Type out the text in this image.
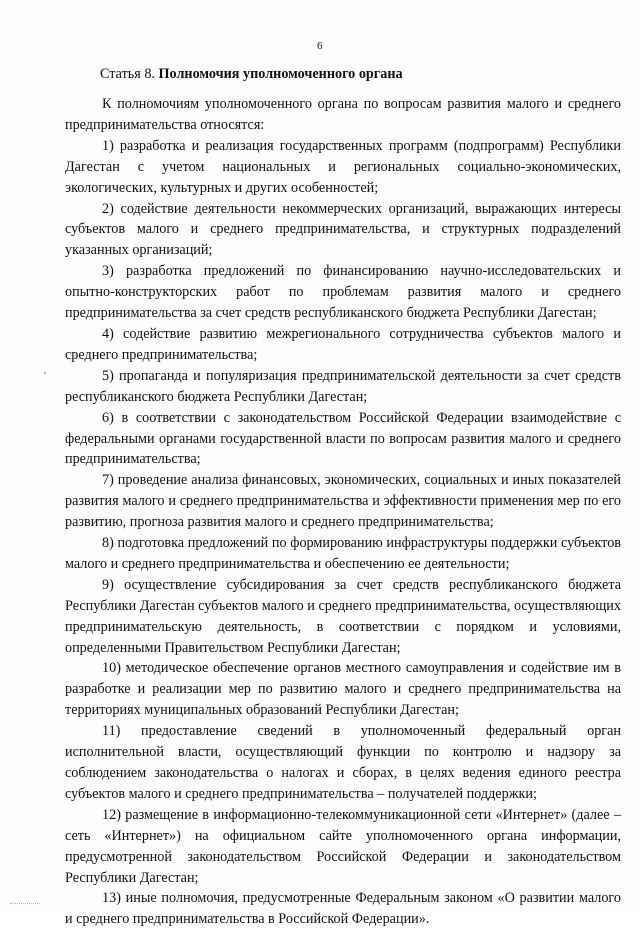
6
Статья 8. Полномочия уполномоченного органа

К полномочиям уполномоченного органа по вопросам развития малого и среднего предпринимательства относятся:

1) разработка и реализация государственных программ (подпрограмм) Республики Дагестан с учетом национальных и региональных социально-экономических, экологических, культурных и других особенностей;

2) содействие деятельности некоммерческих организаций, выражающих интересы субъектов малого и среднего предпринимательства, и структурных подразделений указанных организаций;

3) разработка предложений по финансированию научно-исследовательских и опытно-конструкторских работ по проблемам развития малого и среднего предпринимательства за счет средств республиканского бюджета Республики Дагестан;

4) содействие развитию межрегионального сотрудничества субъектов малого и среднего предпринимательства;

5) пропаганда и популяризация предпринимательской деятельности за счет средств республиканского бюджета Республики Дагестан;

6) в соответствии с законодательством Российской Федерации взаимодействие с федеральными органами государственной власти по вопросам развития малого и среднего предпринимательства;

7) проведение анализа финансовых, экономических, социальных и иных показателей развития малого и среднего предпринимательства и эффективности применения мер по его развитию, прогноза развития малого и среднего предпринимательства;

8) подготовка предложений по формированию инфраструктуры поддержки субъектов малого и среднего предпринимательства и обеспечению ее деятельности;

9) осуществление субсидирования за счет средств республиканского бюджета Республики Дагестан субъектов малого и среднего предпринимательства, осуществляющих предпринимательскую деятельность, в соответствии с порядком и условиями, определенными Правительством Республики Дагестан;

10) методическое обеспечение органов местного самоуправления и содействие им в разработке и реализации мер по развитию малого и среднего предпринимательства на территориях муниципальных образований Республики Дагестан;

11) предоставление сведений в уполномоченный федеральный орган исполнительной власти, осуществляющий функции по контролю и надзору за соблюдением законодательства о налогах и сборах, в целях ведения единого реестра субъектов малого и среднего предпринимательства – получателей поддержки;

12) размещение в информационно-телекоммуникационной сети «Интернет» (далее – сеть «Интернет») на официальном сайте уполномоченного органа информации, предусмотренной законодательством Российской Федерации и законодательством Республики Дагестан;

13) иные полномочия, предусмотренные Федеральным законом «О развитии малого и среднего предпринимательства в Российской Федерации».
